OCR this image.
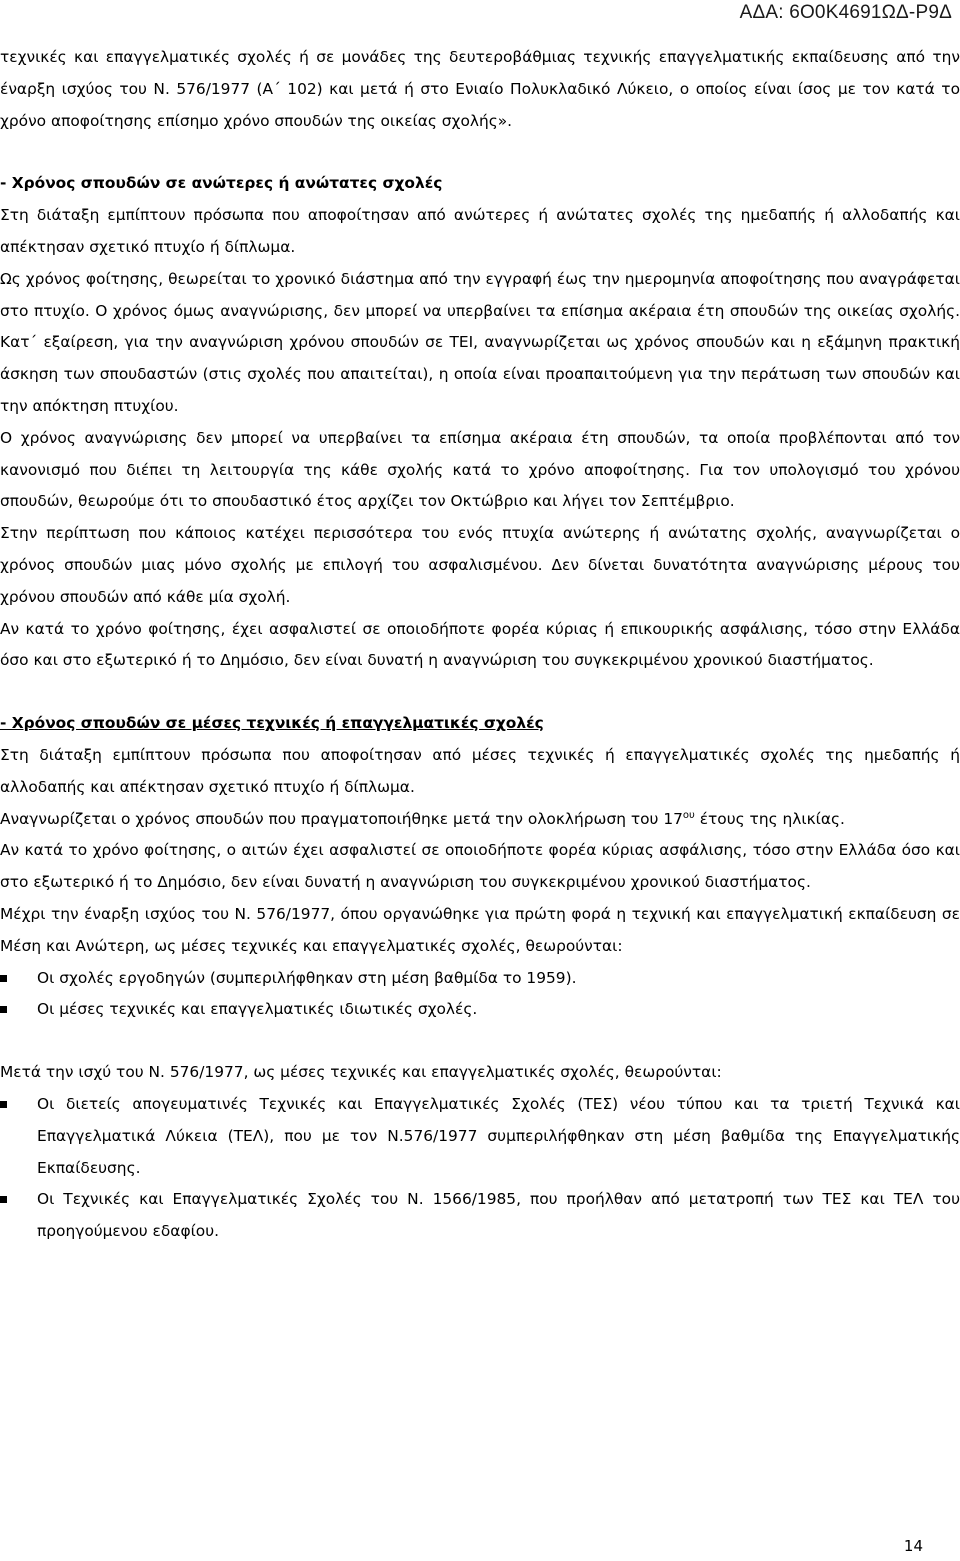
ΑΔΑ: 6Ο0Κ4691ΩΔ-Ρ9Δ

τεχνικές και επαγγελματικές σχολές ή σε μονάδες της δευτεροβάθμιας τεχνικής επαγγελματικής εκπαίδευσης από την έναρξη ισχύος του Ν. 576/1977 (Α΄ 102) και μετά ή στο Ενιαίο Πολυκλαδικό Λύκειο, ο οποίος είναι ίσος με τον κατά το χρόνο αποφοίτησης επίσημο χρόνο σπουδών της οικείας σχολής».

- Χρόνος σπουδών σε ανώτερες ή ανώτατες σχολές

Στη διάταξη εμπίπτουν πρόσωπα που αποφοίτησαν από ανώτερες ή ανώτατες σχολές της ημεδαπής ή αλλοδαπής και απέκτησαν σχετικό πτυχίο ή δίπλωμα.

Ως χρόνος φοίτησης, θεωρείται το χρονικό διάστημα από την εγγραφή έως την ημερομηνία αποφοίτησης που αναγράφεται στο πτυχίο. Ο χρόνος όμως αναγνώρισης, δεν μπορεί να υπερβαίνει τα επίσημα ακέραια έτη σπουδών της οικείας σχολής. Κατ΄ εξαίρεση, για την αναγνώριση χρόνου σπουδών σε ΤΕΙ, αναγνωρίζεται ως χρόνος σπουδών και η εξάμηνη πρακτική άσκηση των σπουδαστών (στις σχολές που απαιτείται), η οποία είναι προαπαιτούμενη για την περάτωση των σπουδών και την απόκτηση πτυχίου.

Ο χρόνος αναγνώρισης δεν μπορεί να υπερβαίνει τα επίσημα ακέραια έτη σπουδών, τα οποία προβλέπονται από τον κανονισμό που διέπει τη λειτουργία της κάθε σχολής κατά το χρόνο αποφοίτησης. Για τον υπολογισμό του χρόνου σπουδών, θεωρούμε ότι το σπουδαστικό έτος αρχίζει τον Οκτώβριο και λήγει τον Σεπτέμβριο.

Στην περίπτωση που κάποιος κατέχει περισσότερα του ενός πτυχία ανώτερης ή ανώτατης σχολής, αναγνωρίζεται ο χρόνος σπουδών μιας μόνο σχολής με επιλογή του ασφαλισμένου. Δεν δίνεται δυνατότητα αναγνώρισης μέρους του χρόνου σπουδών από κάθε μία σχολή.

Αν κατά το χρόνο φοίτησης, έχει ασφαλιστεί σε οποιοδήποτε φορέα κύριας ή επικουρικής ασφάλισης, τόσο στην Ελλάδα όσο και στο εξωτερικό ή το Δημόσιο, δεν είναι δυνατή η αναγνώριση του συγκεκριμένου χρονικού διαστήματος.

- Χρόνος σπουδών σε μέσες τεχνικές ή επαγγελματικές σχολές

Στη διάταξη εμπίπτουν πρόσωπα που αποφοίτησαν από μέσες τεχνικές ή επαγγελματικές σχολές της ημεδαπής ή αλλοδαπής και απέκτησαν σχετικό πτυχίο ή δίπλωμα.

Αναγνωρίζεται ο χρόνος σπουδών που πραγματοποιήθηκε μετά την ολοκλήρωση του $17^{o\upsilon}$ έτους της ηλικίας.

Αν κατά το χρόνο φοίτησης, ο αιτών έχει ασφαλιστεί σε οποιοδήποτε φορέα κύριας ασφάλισης, τόσο στην Ελλάδα όσο και στο εξωτερικό ή το Δημόσιο, δεν είναι δυνατή η αναγνώριση του συγκεκριμένου χρονικού διαστήματος.

Μέχρι την έναρξη ισχύος του Ν. 576/1977, όπου οργανώθηκε για πρώτη φορά η τεχνική και επαγγελματική εκπαίδευση σε Μέση και Ανώτερη, ως μέσες τεχνικές και επαγγελματικές σχολές, θεωρούνται:

Οι σχολές εργοδηγών (συμπεριλήφθηκαν στη μέση βαθμίδα το 1959).
Οι μέσες τεχνικές και επαγγελματικές ιδιωτικές σχολές.

Μετά την ισχύ του Ν. 576/1977, ως μέσες τεχνικές και επαγγελματικές σχολές, θεωρούνται:

Οι διετείς απογευματινές Τεχνικές και Επαγγελματικές Σχολές (ΤΕΣ) νέου τύπου και τα τριετή Τεχνικά και Επαγγελματικά Λύκεια (ΤΕΛ), που με τον Ν.576/1977 συμπεριλήφθηκαν στη μέση βαθμίδα της Επαγγελματικής Εκπαίδευσης.
Οι Τεχνικές και Επαγγελματικές Σχολές του Ν. 1566/1985, που προήλθαν από μετατροπή των ΤΕΣ και ΤΕΛ του προηγούμενου εδαφίου.
14
